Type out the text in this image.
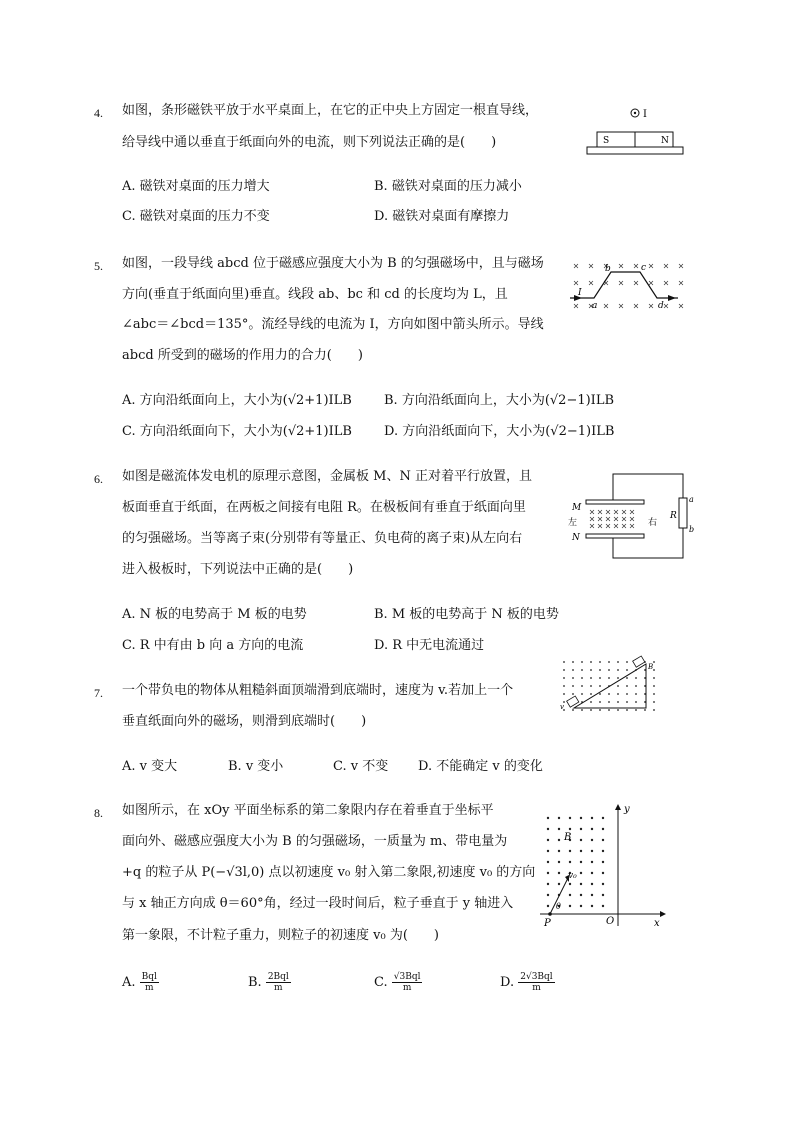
4. 如图，条形磁铁平放于水平桌面上，在它的正中央上方固定一根直导线，
给导线中通以垂直于纸面向外的电流，则下列说法正确的是(　　)
A. 磁铁对桌面的压力增大	B. 磁铁对桌面的压力减小
C. 磁铁对桌面的压力不变	D. 磁铁对桌面有摩擦力
I
S	N
5. 如图，一段导线 abcd 位于磁感应强度大小为 B 的匀强磁场中，且与磁场
方向(垂直于纸面向里)垂直。线段 ab、bc 和 cd 的长度均为 L，且
∠abc＝∠bcd＝135°。流经导线的电流为 I，方向如图中箭头所示。导线
abcd 所受到的磁场的作用力的合力(　　)
A. 方向沿纸面向上，大小为(√2+1)ILB B. 方向沿纸面向上，大小为(√2−1)ILB
C. 方向沿纸面向下，大小为(√2+1)ILB D. 方向沿纸面向下，大小为(√2−1)ILB
I
a
b	c
d
6. 如图是磁流体发电机的原理示意图，金属板 M、N 正对着平行放置，且
板面垂直于纸面，在两板之间接有电阻 R。在极板间有垂直于纸面向里
的匀强磁场。当等离子束(分别带有等量正、负电荷的离子束)从左向右
进入极板时，下列说法中正确的是(　　)
A. N 板的电势高于 M 板的电势	B. M 板的电势高于 N 板的电势
C. R 中有由 b 向 a 方向的电流	D. R 中无电流通过
M
N
左	右
R
a
b
7. 一个带负电的物体从粗糙斜面顶端滑到底端时，速度为 v.若加上一个
垂直纸面向外的磁场，则滑到底端时(　　)
A. v 变大	B. v 变小	C. v 不变 D. 不能确定 v 的变化
B
v
8. 如图所示，在 xOy 平面坐标系的第二象限内存在着垂直于坐标平
面向外、磁感应强度大小为 B 的匀强磁场，一质量为 m、带电量为
+q 的粒子从 P(−√3l,0) 点以初速度 v₀ 射入第二象限,初速度 v₀ 的方向
与 x 轴正方向成 θ＝60°角，经过一段时间后，粒子垂直于 y 轴进入
第一象限，不计粒子重力，则粒子的初速度 v₀ 为(　　)
A. $\frac{\text{Bql}}{m}$	B. $\frac{\text{2Bql}}{m}$	C. $\frac{\text{√3Bql}}{m}$	D. $\frac{\text{2√3Bql}}{m}$
y
x
O
P
B
v₀
θ
